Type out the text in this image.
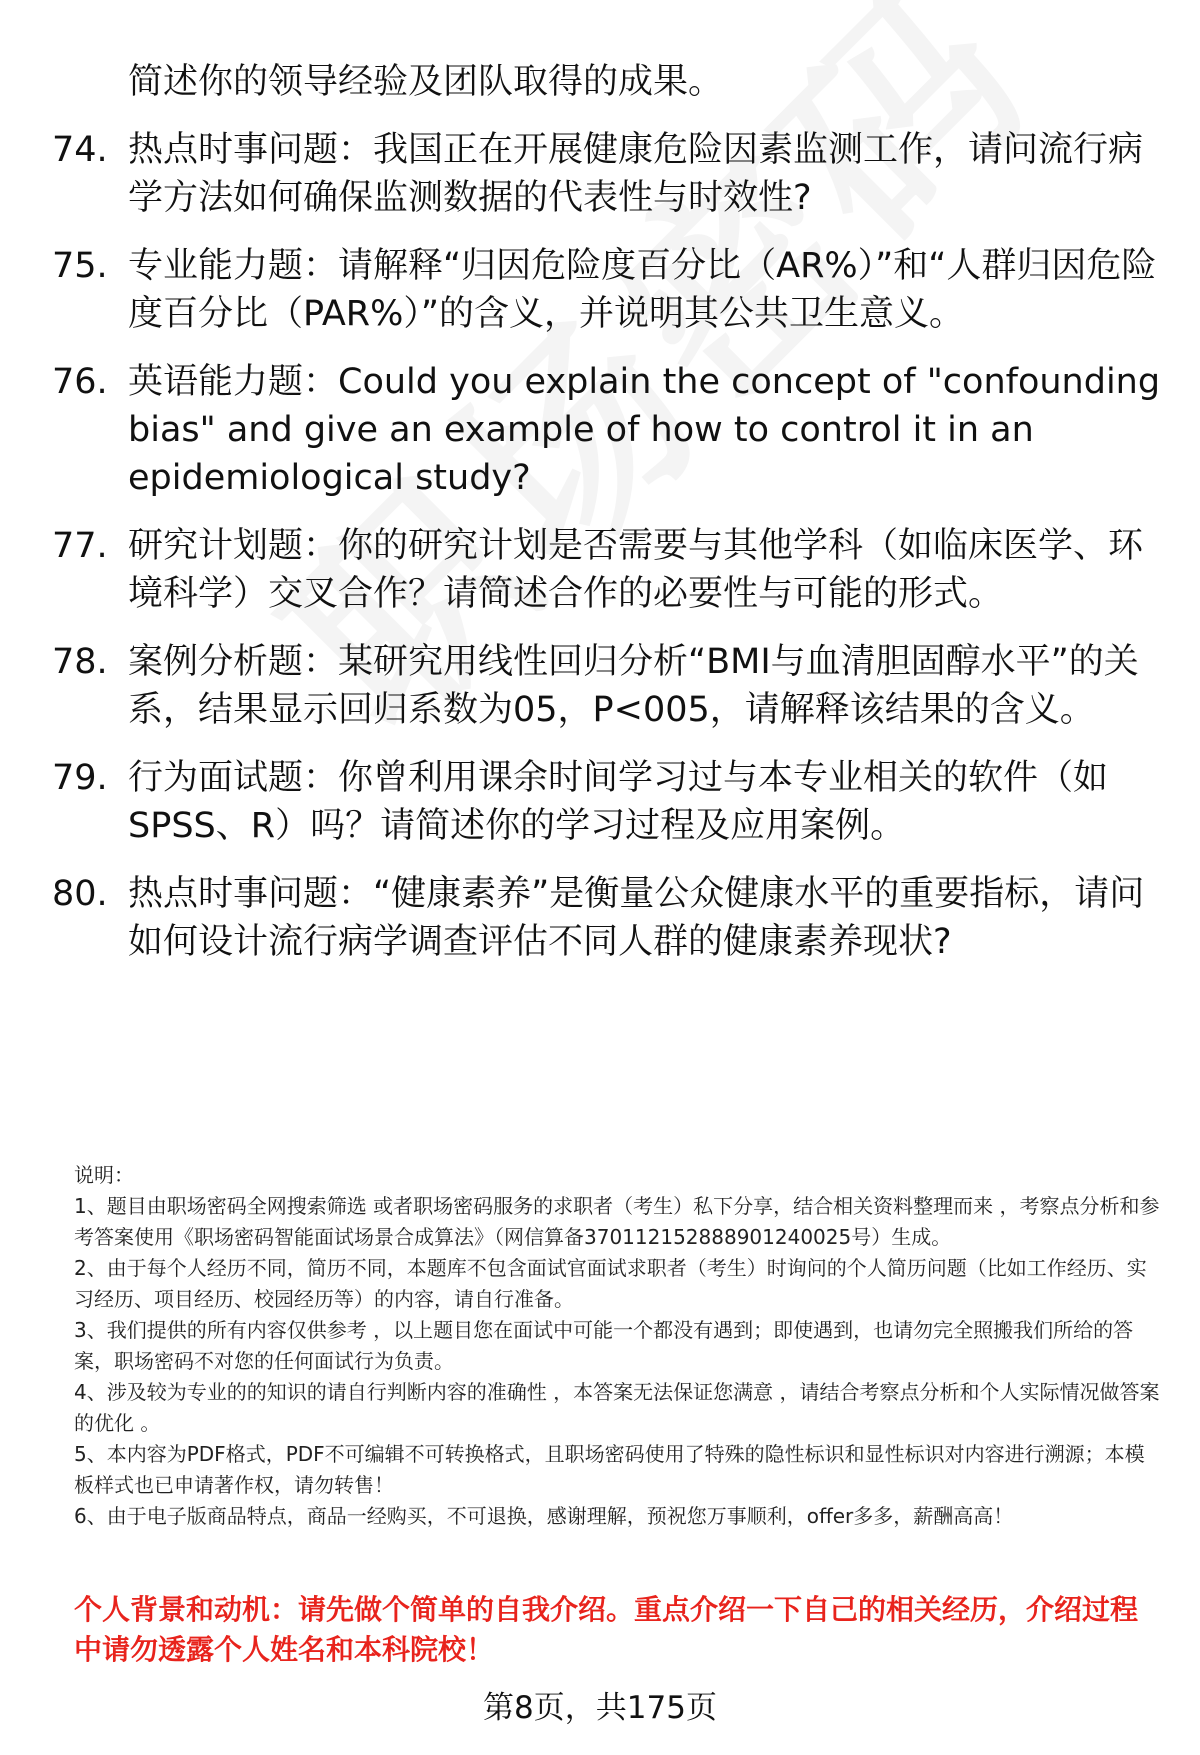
简述你的领导经验及团队取得的成果。
74. 热点时事问题：我国正在开展健康危险因素监测工作，请问流行病学方法如何确保监测数据的代表性与时效性?
75. 专业能力题：请解释“归因危险度百分比（AR%）”和“人群归因危险度百分比（PAR%）”的含义，并说明其公共卫生意义。
76. 英语能力题：Could you explain the concept of "confounding bias" and give an example of how to control it in an epidemiological study?
77. 研究计划题：你的研究计划是否需要与其他学科（如临床医学、环境科学）交叉合作？请简述合作的必要性与可能的形式。
78. 案例分析题：某研究用线性回归分析“BMI与血清胆固醇水平”的关系，结果显示回归系数为05，P<005，请解释该结果的含义。
79. 行为面试题：你曾利用课余时间学习过与本专业相关的软件（如SPSS、R）吗？请简述你的学习过程及应用案例。
80. 热点时事问题：“健康素养”是衡量公众健康水平的重要指标，请问如何设计流行病学调查评估不同人群的健康素养现状?

说明：

1、题目由职场密码全网搜索筛选 或者职场密码服务的求职者（考生）私下分享，结合相关资料整理而来 ，考察点分析和参考答案使用《职场密码智能面试场景合成算法》（网信算备370112152888901240025号）生成。

2、由于每个人经历不同，简历不同，本题库不包含面试官面试求职者（考生）时询问的个人简历问题（比如工作经历、实习经历、项目经历、校园经历等）的内容，请自行准备。

3、我们提供的所有内容仅供参考 ，以上题目您在面试中可能一个都没有遇到；即使遇到，也请勿完全照搬我们所给的答案，职场密码不对您的任何面试行为负责。

4、涉及较为专业的的知识的请自行判断内容的准确性 ，本答案无法保证您满意 ，请结合考察点分析和个人实际情况做答案的优化 。

5、本内容为PDF格式，PDF不可编辑不可转换格式，且职场密码使用了特殊的隐性标识和显性标识对内容进行溯源；本模板样式也已申请著作权，请勿转售！

6、由于电子版商品特点，商品一经购买，不可退换，感谢理解，预祝您万事顺利，offer多多，薪酬高高！

个人背景和动机：请先做个简单的自我介绍。重点介绍一下自己的相关经历，介绍过程中请勿透露个人姓名和本科院校！
第8页，共175页
